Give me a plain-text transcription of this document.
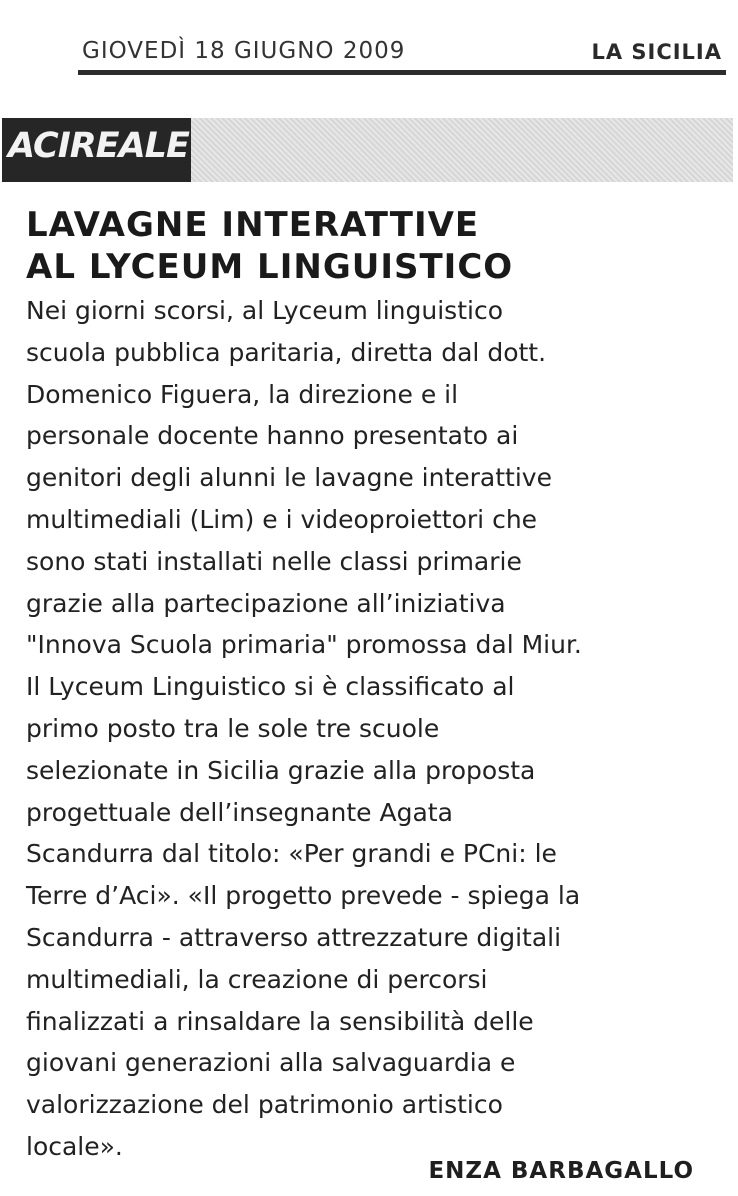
GIOVEDÌ 18 GIUGNO 2009	LA SICILIA
ACIREALE
LAVAGNE INTERATTIVE
AL LYCEUM LINGUISTICO
Nei giorni scorsi, al Lyceum linguistico
scuola pubblica paritaria, diretta dal dott.
Domenico Figuera, la direzione e il
personale docente hanno presentato ai
genitori degli alunni le lavagne interattive
multimediali (Lim) e i videoproiettori che
sono stati installati nelle classi primarie
grazie alla partecipazione all’iniziativa
"Innova Scuola primaria" promossa dal Miur.
Il Lyceum Linguistico si è classificato al
primo posto tra le sole tre scuole
selezionate in Sicilia grazie alla proposta
progettuale dell’insegnante Agata
Scandurra dal titolo: «Per grandi e PCni: le
Terre d’Aci». «Il progetto prevede - spiega la
Scandurra - attraverso attrezzature digitali
multimediali, la creazione di percorsi
finalizzati a rinsaldare la sensibilità delle
giovani generazioni alla salvaguardia e
valorizzazione del patrimonio artistico
locale».
ENZA BARBAGALLO
